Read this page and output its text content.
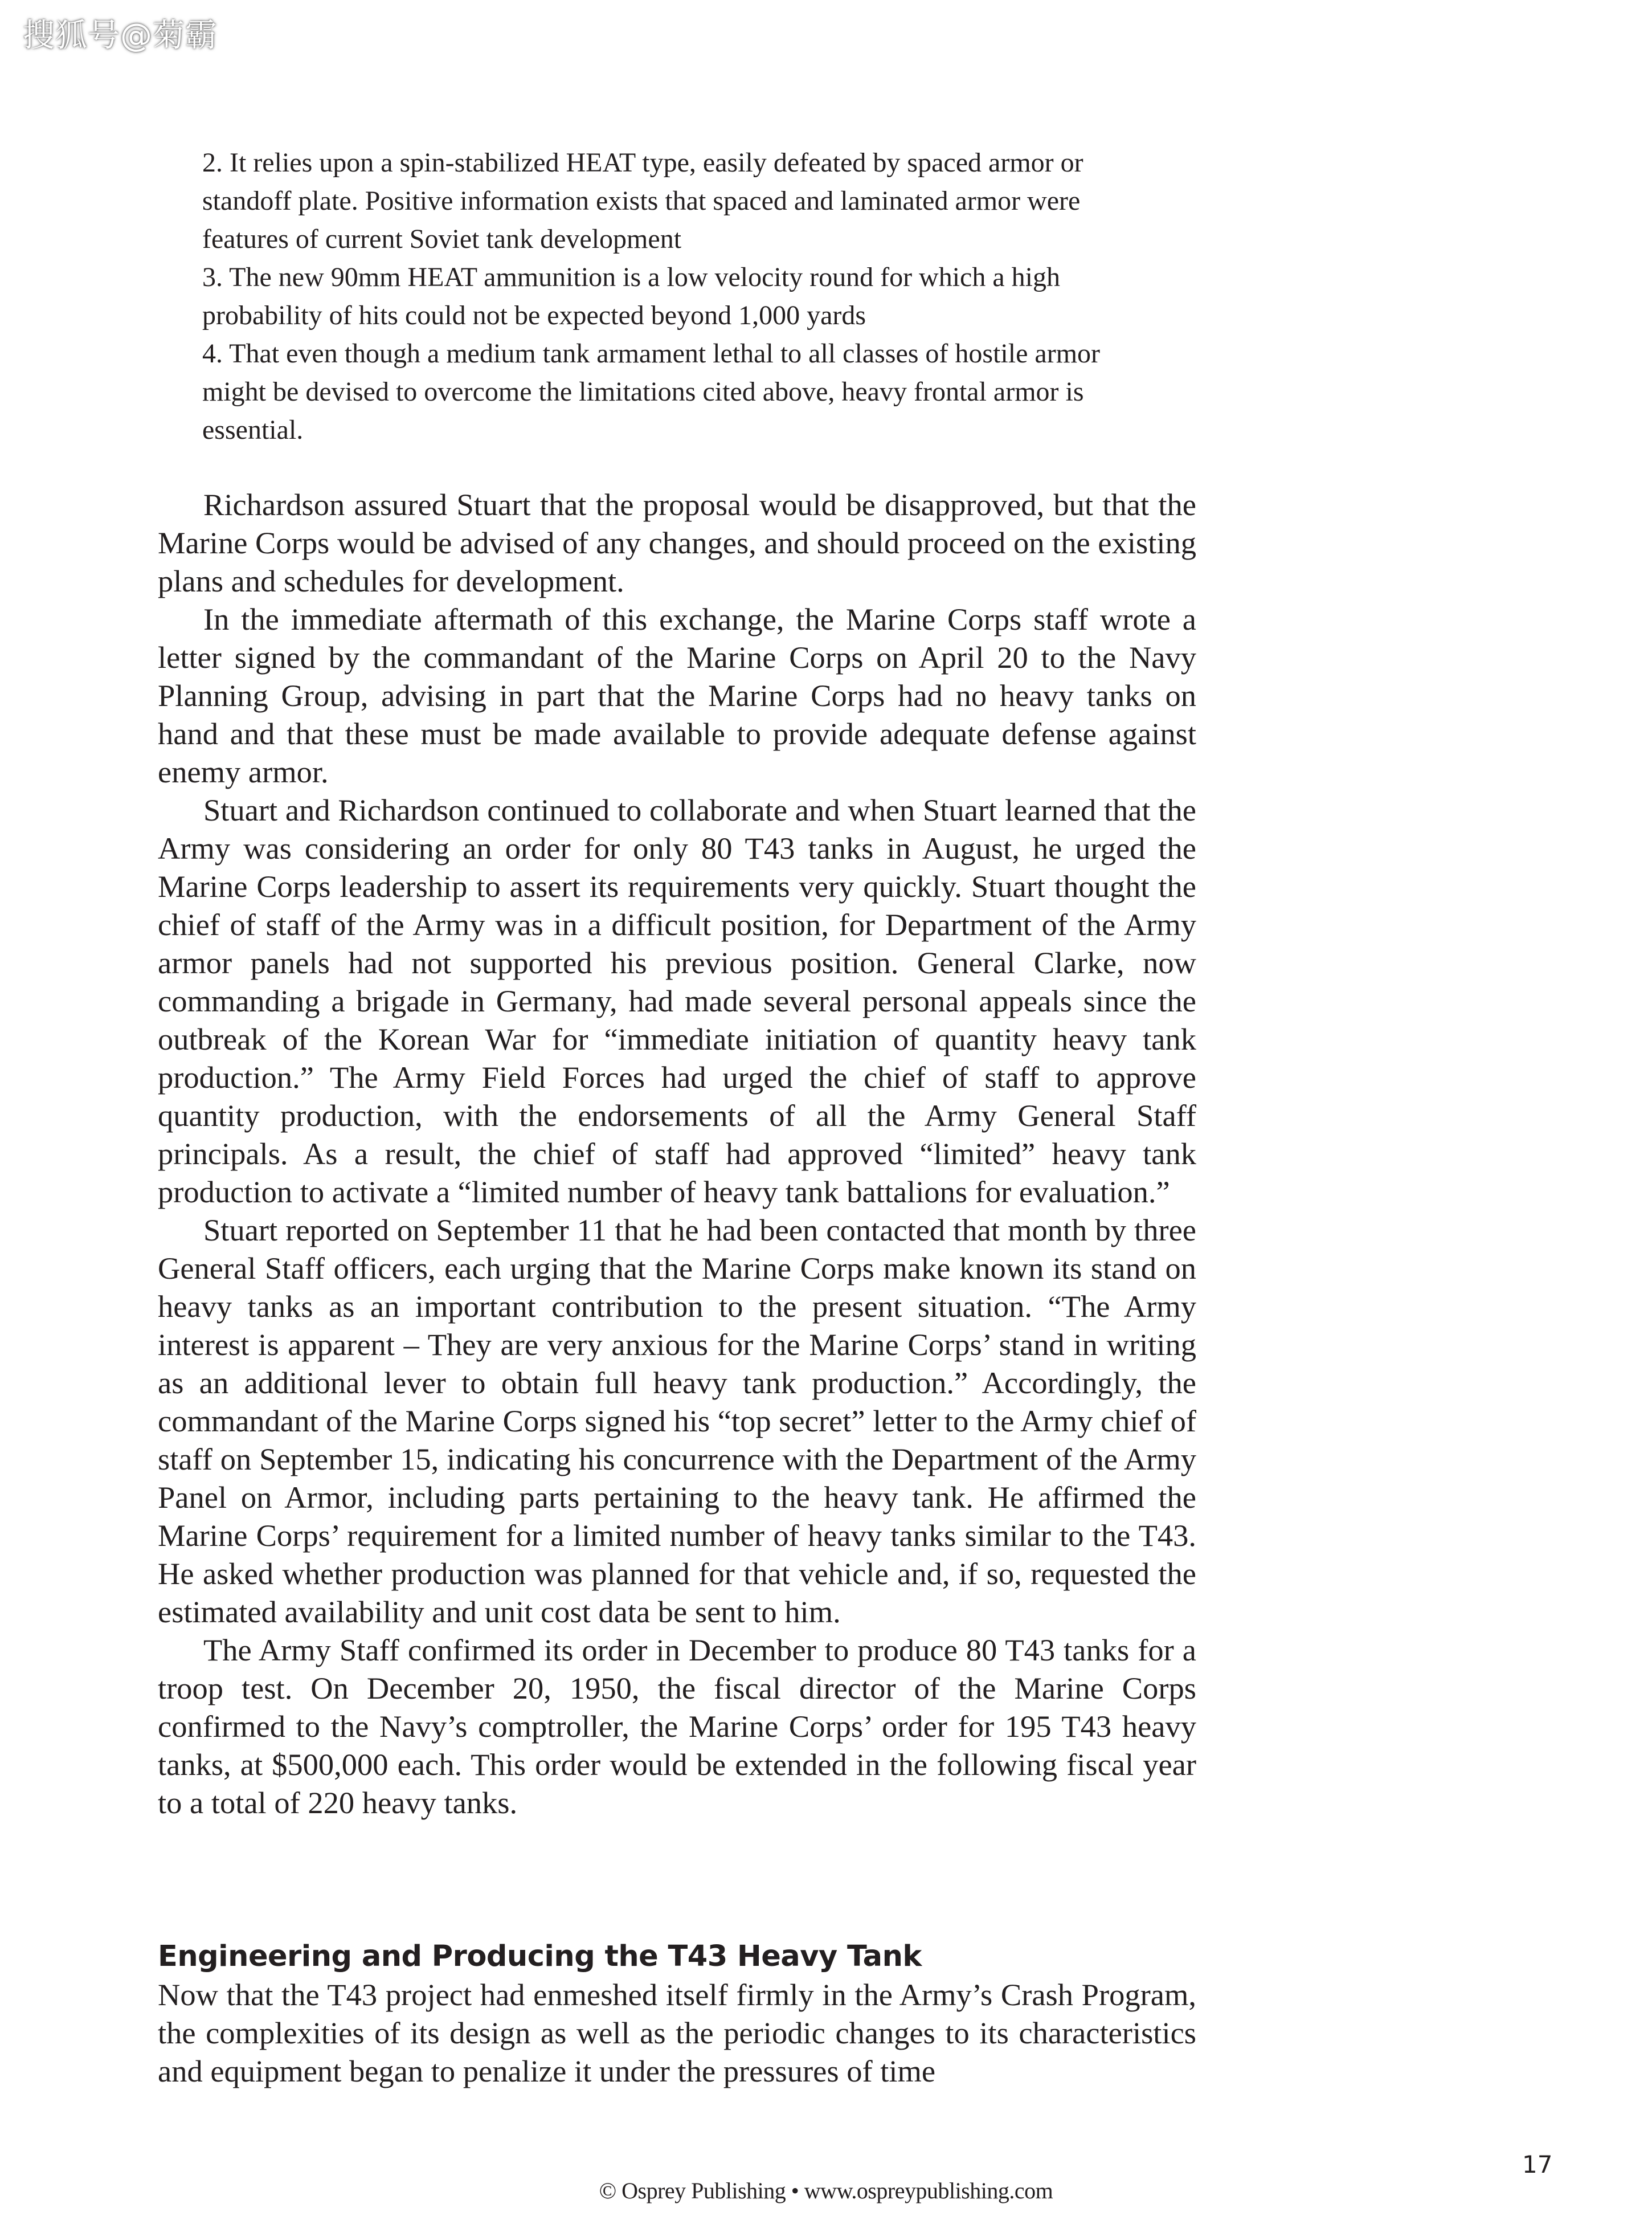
搜狐号@菊霸

2. It relies upon a spin-stabilized HEAT type, easily defeated by spaced armor or standoff plate. Positive information exists that spaced and laminated armor were features of current Soviet tank development

3. The new 90mm HEAT ammunition is a low velocity round for which a high probability of hits could not be expected beyond 1,000 yards

4. That even though a medium tank armament lethal to all classes of hostile armor might be devised to overcome the limitations cited above, heavy frontal armor is essential.

Richardson assured Stuart that the proposal would be disapproved, but that the Marine Corps would be advised of any changes, and should proceed on the existing plans and schedules for development.

In the immediate aftermath of this exchange, the Marine Corps staff wrote a letter signed by the commandant of the Marine Corps on April 20 to the Navy Planning Group, advising in part that the Marine Corps had no heavy tanks on hand and that these must be made available to provide adequate defense against enemy armor.

Stuart and Richardson continued to collaborate and when Stuart learned that the Army was considering an order for only 80 T43 tanks in August, he urged the Marine Corps leadership to assert its requirements very quickly. Stuart thought the chief of staff of the Army was in a difficult position, for Department of the Army armor panels had not supported his previous position. General Clarke, now commanding a brigade in Germany, had made several personal appeals since the outbreak of the Korean War for “immediate initiation of quantity heavy tank production.” The Army Field Forces had urged the chief of staff to approve quantity production, with the endorsements of all the Army General Staff principals. As a result, the chief of staff had approved “limited” heavy tank production to activate a “limited number of heavy tank battalions for evaluation.”

Stuart reported on September 11 that he had been contacted that month by three General Staff officers, each urging that the Marine Corps make known its stand on heavy tanks as an important contribution to the present situation. “The Army interest is apparent – They are very anxious for the Marine Corps’ stand in writing as an additional lever to obtain full heavy tank production.” Accordingly, the commandant of the Marine Corps signed his “top secret” letter to the Army chief of staff on September 15, indicating his concurrence with the Department of the Army Panel on Armor, including parts pertaining to the heavy tank. He affirmed the Marine Corps’ requirement for a limited number of heavy tanks similar to the T43. He asked whether production was planned for that vehicle and, if so, requested the estimated availability and unit cost data be sent to him.

The Army Staff confirmed its order in December to produce 80 T43 tanks for a troop test. On December 20, 1950, the fiscal director of the Marine Corps confirmed to the Navy’s comptroller, the Marine Corps’ order for 195 T43 heavy tanks, at $500,000 each. This order would be extended in the following fiscal year to a total of 220 heavy tanks.

Engineering and Producing the T43 Heavy Tank

Now that the T43 project had enmeshed itself firmly in the Army’s Crash Program, the complexities of its design as well as the periodic changes to its characteristics and equipment began to penalize it under the pressures of time

17
© Osprey Publishing • www.ospreypublishing.com
